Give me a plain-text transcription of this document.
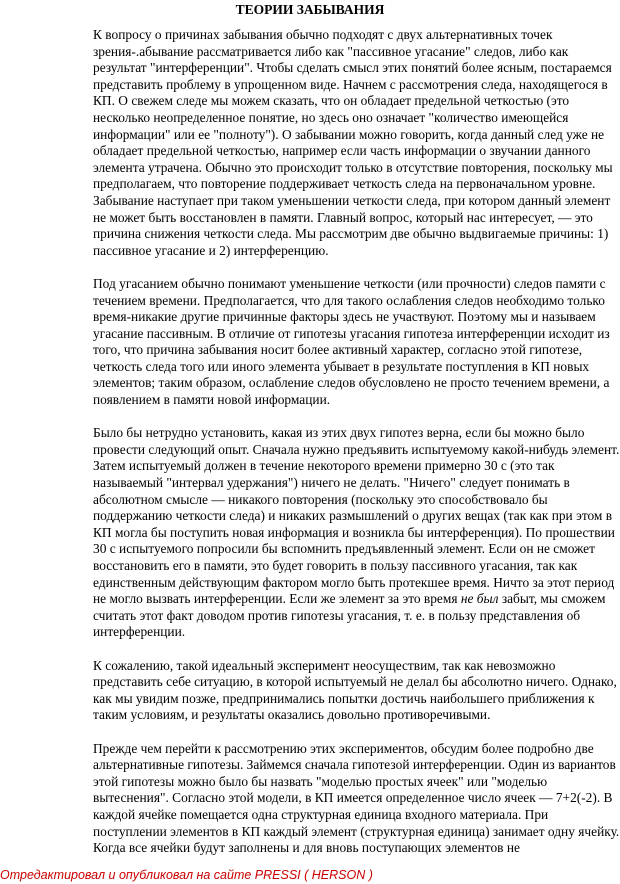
ТЕОРИИ ЗАБЫВАНИЯ

К вопросу о причинах забывания обычно подходят с двух альтернативных точек зрения-.абывание рассматривается либо как "пассивное угасание" следов, либо как результат "интерференции". Чтобы сделать смысл этих понятий более ясным, постараемся представить проблему в упрощенном виде. Начнем с рассмотрения следа, находящегося в КП. О свежем следе мы можем сказать, что он обладает предельной четкостью (это несколько неопределенное понятие, но здесь оно означает "количество имеющейся информации" или ее "полноту"). О забывании можно говорить, когда данный след уже не обладает предельной четкостью, например если часть информации о звучании данного элемента утрачена. Обычно это происходит только в отсутствие повторения, поскольку мы предполагаем, что повторение поддерживает четкость следа на первоначальном уровне. Забывание наступает при таком уменьшении четкости следа, при котором данный элемент не может быть восстановлен в памяти. Главный вопрос, который нас интересует, — это причина снижения четкости следа. Мы рассмотрим две обычно выдвигаемые причины: 1) пассивное угасание и 2) интерференцию.

Под угасанием обычно понимают уменьшение четкости (или прочности) следов памяти с течением времени. Предполагается, что для такого ослабления следов необходимо только время-никакие другие причинные факторы здесь не участвуют. Поэтому мы и называем угасание пассивным. В отличие от гипотезы угасания гипотеза интерференции исходит из того, что причина забывания носит более активный характер, согласно этой гипотезе, четкость следа того или иного элемента убывает в результате поступления в КП новых элементов; таким образом, ослабление следов обусловлено не просто течением времени, а появлением в памяти новой информации.

Было бы нетрудно установить, какая из этих двух гипотез верна, если бы можно было провести следующий опыт. Сначала нужно предъявить испытуемому какой-нибудь элемент. Затем испытуемый должен в течение некоторого времени примерно 30 с (это так называемый "интервал удержания") ничего не делать. "Ничего" следует понимать в абсолютном смысле — никакого повторения (поскольку это способствовало бы поддержанию четкости следа) и никаких размышлений о других вещах (так как при этом в КП могла бы поступить новая информация и возникла бы интерференция). По прошествии 30 с испытуемого попросили бы вспомнить предъявленный элемент. Если он не сможет восстановить его в памяти, это будет говорить в пользу пассивного угасания, так как единственным действующим фактором могло быть протекшее время. Ничто за этот период не могло вызвать интерференции. Если же элемент за это время не был забыт, мы сможем считать этот факт доводом против гипотезы угасания, т. е. в пользу представления об интерференции.

К сожалению, такой идеальный эксперимент неосуществим, так как невозможно представить себе ситуацию, в которой испытуемый не делал бы абсолютно ничего. Однако, как мы увидим позже, предпринимались попытки достичь наибольшего приближения к таким условиям, и результаты оказались довольно противоречивыми.

Прежде чем перейти к рассмотрению этих экспериментов, обсудим более подробно две альтернативные гипотезы. Займемся сначала гипотезой интерференции. Один из вариантов этой гипотезы можно было бы назвать "моделью простых ячеек" или "моделью вытеснения". Согласно этой модели, в КП имеется определенное число ячеек — 7+2(-2). В каждой ячейке помещается одна структурная единица входного материала. При поступлении элементов в КП каждый элемент (структурная единица) занимает одну ячейку. Когда все ячейки будут заполнены и для вновь поступающих элементов не

Отредактировал и опубликовал на сайте PRESSI ( HERSON )
